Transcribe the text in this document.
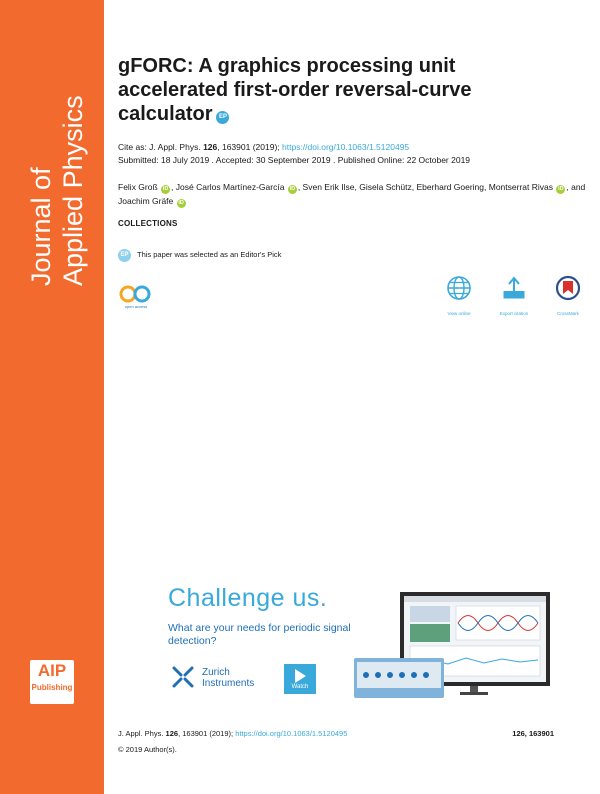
Journal of Applied Physics
AIP
Publishing
gFORC: A graphics processing unit accelerated first-order reversal-curve calculator EP
Cite as: J. Appl. Phys. 126, 163901 (2019); https://doi.org/10.1063/1.5120495
Submitted: 18 July 2019 . Accepted: 30 September 2019 . Published Online: 22 October 2019
Felix Groß iD , José Carlos Martínez-García iD , Sven Erik Ilse, Gisela Schütz, Eberhard Goering, Montserrat Rivas iD , and Joachim Gräfe iD
COLLECTIONS
EP This paper was selected as an Editor's Pick
open access
View online	Export citation	CrossMark
Challenge us.
What are your needs for periodic signal detection?
Zurich
Instruments	Watch
J. Appl. Phys. 126, 163901 (2019); https://doi.org/10.1063/1.5120495	126, 163901
© 2019 Author(s).
